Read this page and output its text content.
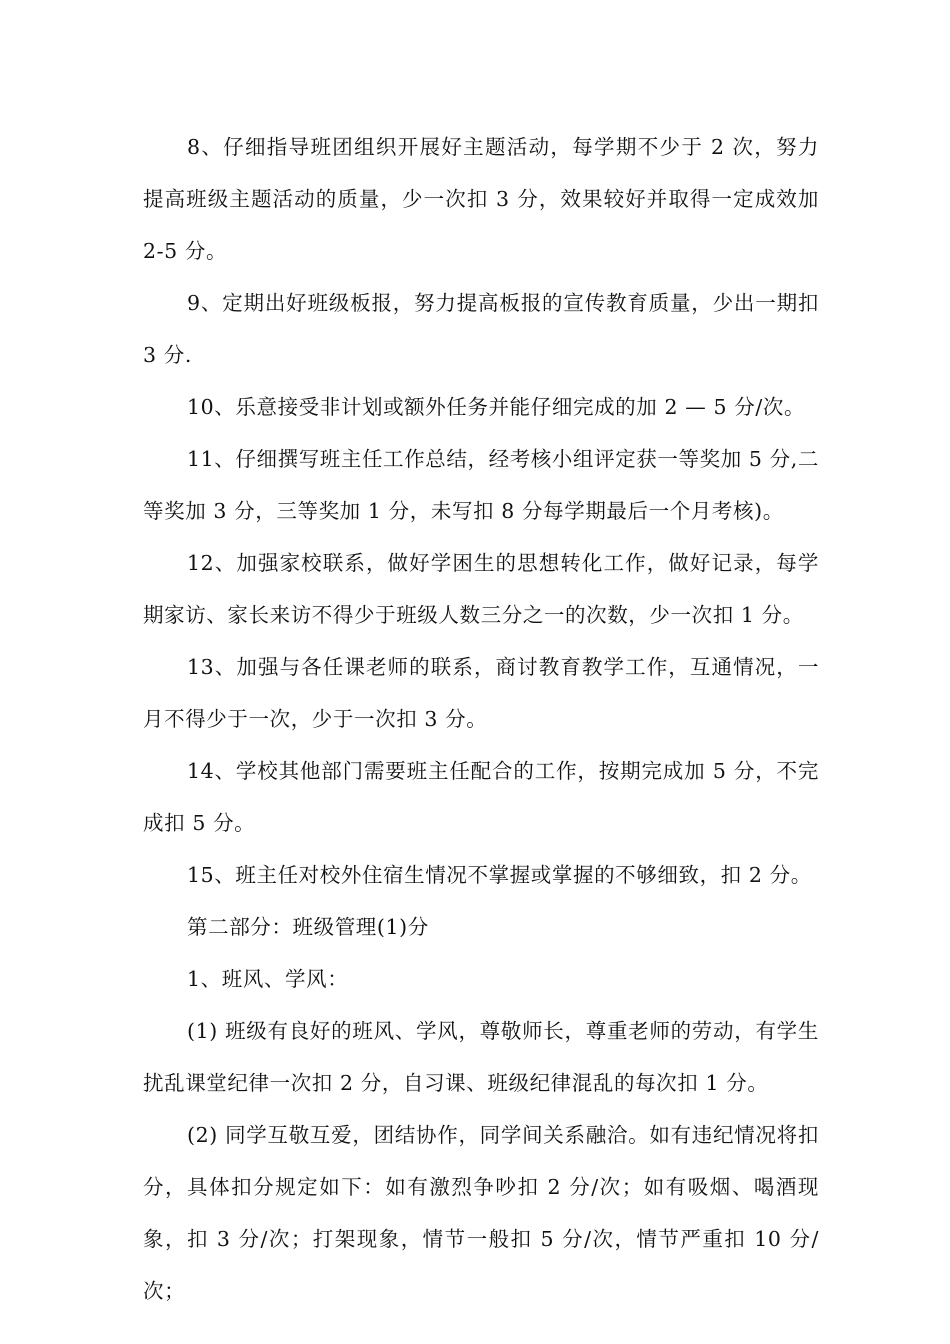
8、仔细指导班团组织开展好主题活动，每学期不少于 2 次，努力提高班级主题活动的质量，少一次扣 3 分，效果较好并取得一定成效加 2-5 分。

9、定期出好班级板报，努力提高板报的宣传教育质量，少出一期扣 3 分.

10、乐意接受非计划或额外任务并能仔细完成的加 2 — 5 分/次。

11、仔细撰写班主任工作总结，经考核小组评定获一等奖加 5 分,二等奖加 3 分，三等奖加 1 分，未写扣 8 分每学期最后一个月考核)。

12、加强家校联系，做好学困生的思想转化工作，做好记录，每学期家访、家长来访不得少于班级人数三分之一的次数，少一次扣 1 分。

13、加强与各任课老师的联系，商讨教育教学工作，互通情况，一月不得少于一次，少于一次扣 3 分。

14、学校其他部门需要班主任配合的工作，按期完成加 5 分，不完成扣 5 分。

15、班主任对校外住宿生情况不掌握或掌握的不够细致，扣 2 分。

第二部分：班级管理(1)分

1、班风、学风：

(1) 班级有良好的班风、学风，尊敬师长，尊重老师的劳动，有学生扰乱课堂纪律一次扣 2 分，自习课、班级纪律混乱的每次扣 1 分。

(2) 同学互敬互爱，团结协作，同学间关系融洽。如有违纪情况将扣分，具体扣分规定如下：如有激烈争吵扣 2 分/次；如有吸烟、喝酒现象，扣 3 分/次；打架现象，情节一般扣 5 分/次，情节严重扣 10 分/次；
